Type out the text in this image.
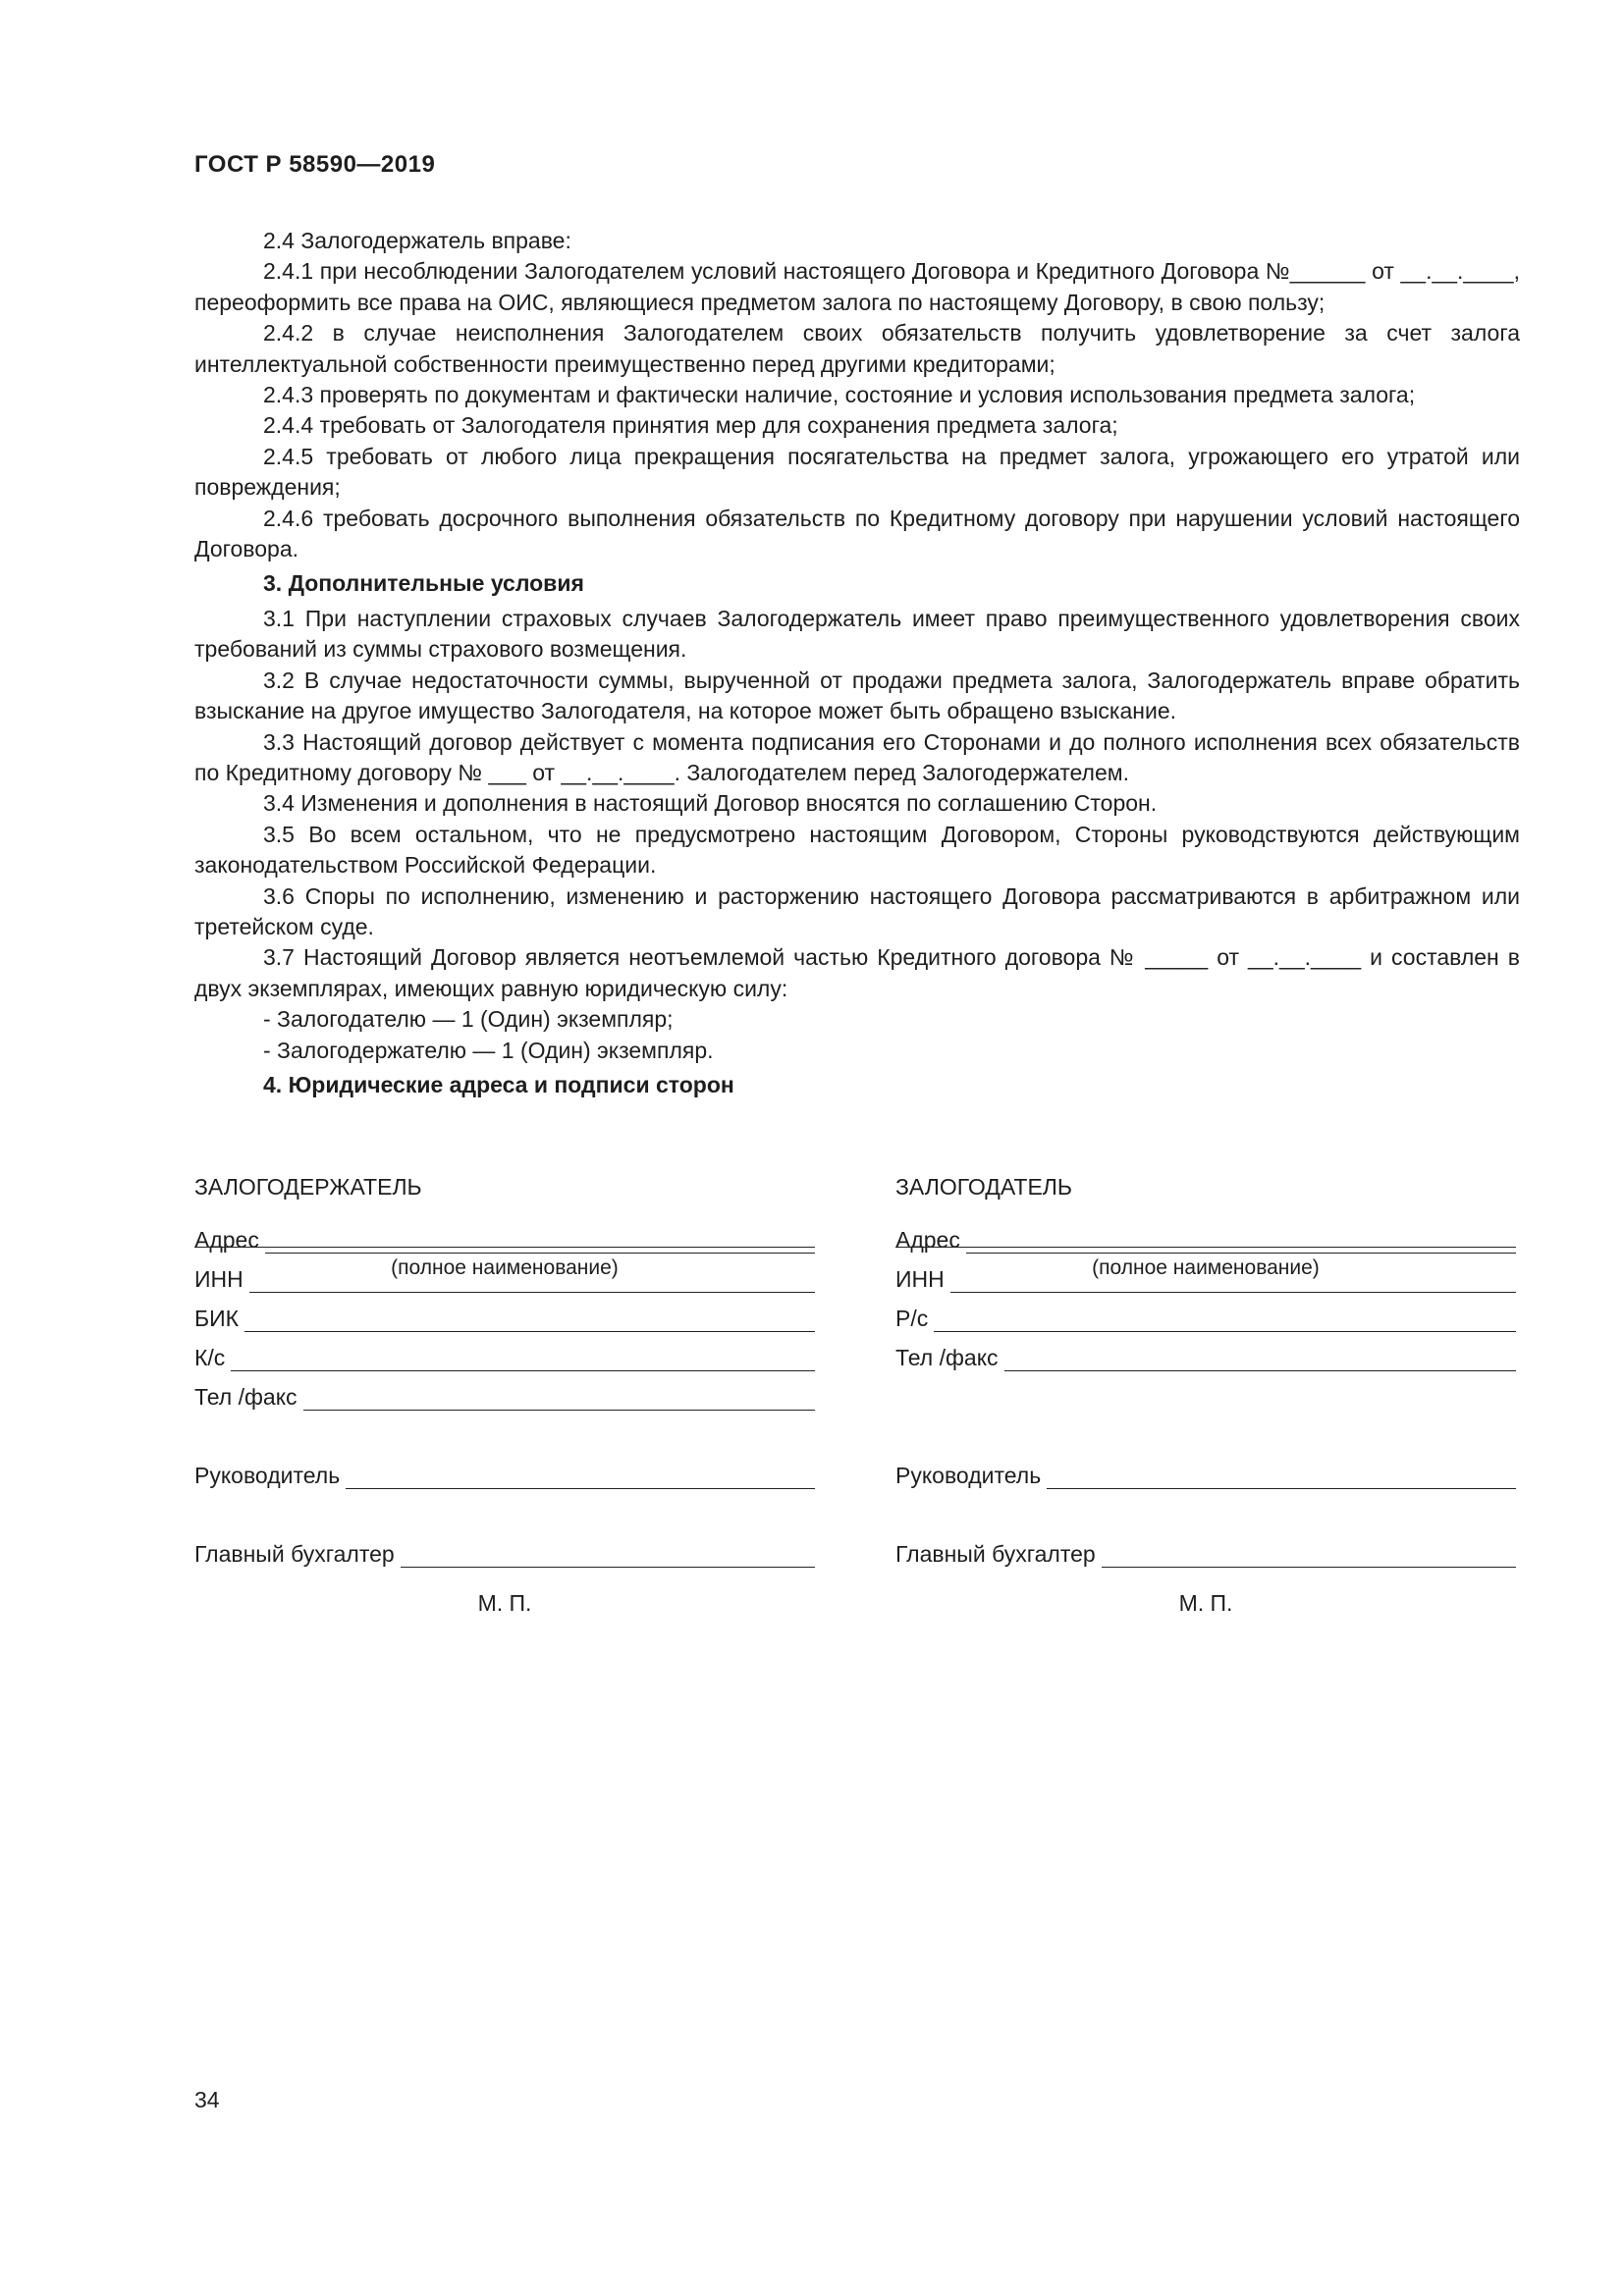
ГОСТ Р 58590—2019

2.4 Залогодержатель вправе:

2.4.1 при несоблюдении Залогодателем условий настоящего Договора и Кредитного Договора №______ от __.__.____, переоформить все права на ОИС, являющиеся предметом залога по настоящему Договору, в свою пользу;

2.4.2 в случае неисполнения Залогодателем своих обязательств получить удовлетворение за счет залога интеллектуальной собственности преимущественно перед другими кредиторами;

2.4.3 проверять по документам и фактически наличие, состояние и условия использования предмета залога;

2.4.4 требовать от Залогодателя принятия мер для сохранения предмета залога;

2.4.5 требовать от любого лица прекращения посягательства на предмет залога, угрожающего его утратой или повреждения;

2.4.6 требовать досрочного выполнения обязательств по Кредитному договору при нарушении условий настоящего Договора.

3. Дополнительные условия

3.1 При наступлении страховых случаев Залогодержатель имеет право преимущественного удовлетворения своих требований из суммы страхового возмещения.

3.2 В случае недостаточности суммы, вырученной от продажи предмета залога, Залогодержатель вправе обратить взыскание на другое имущество Залогодателя, на которое может быть обращено взыскание.

3.3 Настоящий договор действует с момента подписания его Сторонами и до полного исполнения всех обязательств по Кредитному договору № ___ от __.__.____. Залогодателем перед Залогодержателем.

3.4 Изменения и дополнения в настоящий Договор вносятся по соглашению Сторон.

3.5 Во всем остальном, что не предусмотрено настоящим Договором, Стороны руководствуются действующим законодательством Российской Федерации.

3.6 Споры по исполнению, изменению и расторжению настоящего Договора рассматриваются в арбитражном или третейском суде.

3.7 Настоящий Договор является неотъемлемой частью Кредитного договора № _____ от __.__.____ и составлен в двух экземплярах, имеющих равную юридическую силу:

- Залогодателю — 1 (Один) экземпляр;

- Залогодержателю — 1 (Один) экземпляр.

4. Юридические адреса и подписи сторон

ЗАЛОГОДЕРЖАТЕЛЬ
(полное наименование)
М. П.
Адрес
ИНН
БИК
К/с
Тел /факс
Руководитель
Главный бухгалтер
ЗАЛОГОДАТЕЛЬ
(полное наименование)
М. П.
Адрес
ИНН
Р/с
Тел /факс
Руководитель
Главный бухгалтер
34
